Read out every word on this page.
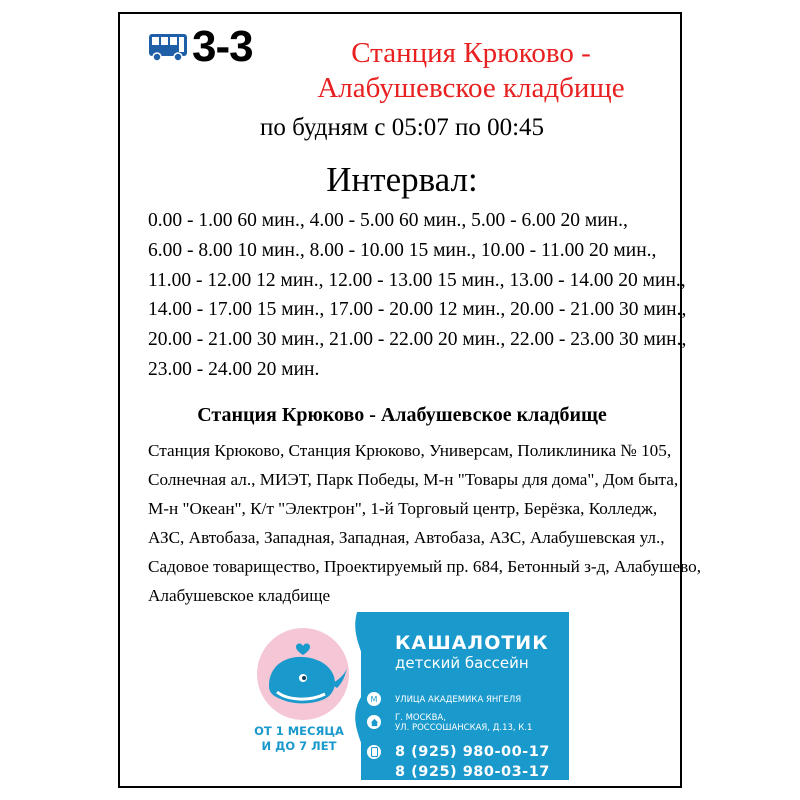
3-3	Станция Крюково -
Алабушевское кладбище
по будням с 05:07 по 00:45
Интервал:
0.00 - 1.00 60 мин., 4.00 - 5.00 60 мин., 5.00 - 6.00 20 мин.,
6.00 - 8.00 10 мин., 8.00 - 10.00 15 мин., 10.00 - 11.00 20 мин.,
11.00 - 12.00 12 мин., 12.00 - 13.00 15 мин., 13.00 - 14.00 20 мин.,
14.00 - 17.00 15 мин., 17.00 - 20.00 12 мин., 20.00 - 21.00 30 мин.,
20.00 - 21.00 30 мин., 21.00 - 22.00 20 мин., 22.00 - 23.00 30 мин.,
23.00 - 24.00 20 мин.
Станция Крюково - Алабушевское кладбище
Станция Крюково, Станция Крюково, Универсам, Поликлиника № 105,
Солнечная ал., МИЭТ, Парк Победы, М-н "Товары для дома", Дом быта,
М-н "Океан", К/т "Электрон", 1-й Торговый центр, Берёзка, Колледж,
АЗС, Автобаза, Западная, Западная, Автобаза, АЗС, Алабушевская ул.,
Садовое товарищество, Проектируемый пр. 684, Бетонный з-д, Алабушево,
Алабушевское кладбище
ОТ 1 МЕСЯЦА
И ДО 7 ЛЕТ
КАШАЛОТИК
детский бассейн
М	УЛИЦА АКАДЕМИКА ЯНГЕЛЯ
Г. МОСКВА,
УЛ. РОССОШАНСКАЯ, Д.13, К.1
8 (925) 980-00-17
8 (925) 980-03-17
